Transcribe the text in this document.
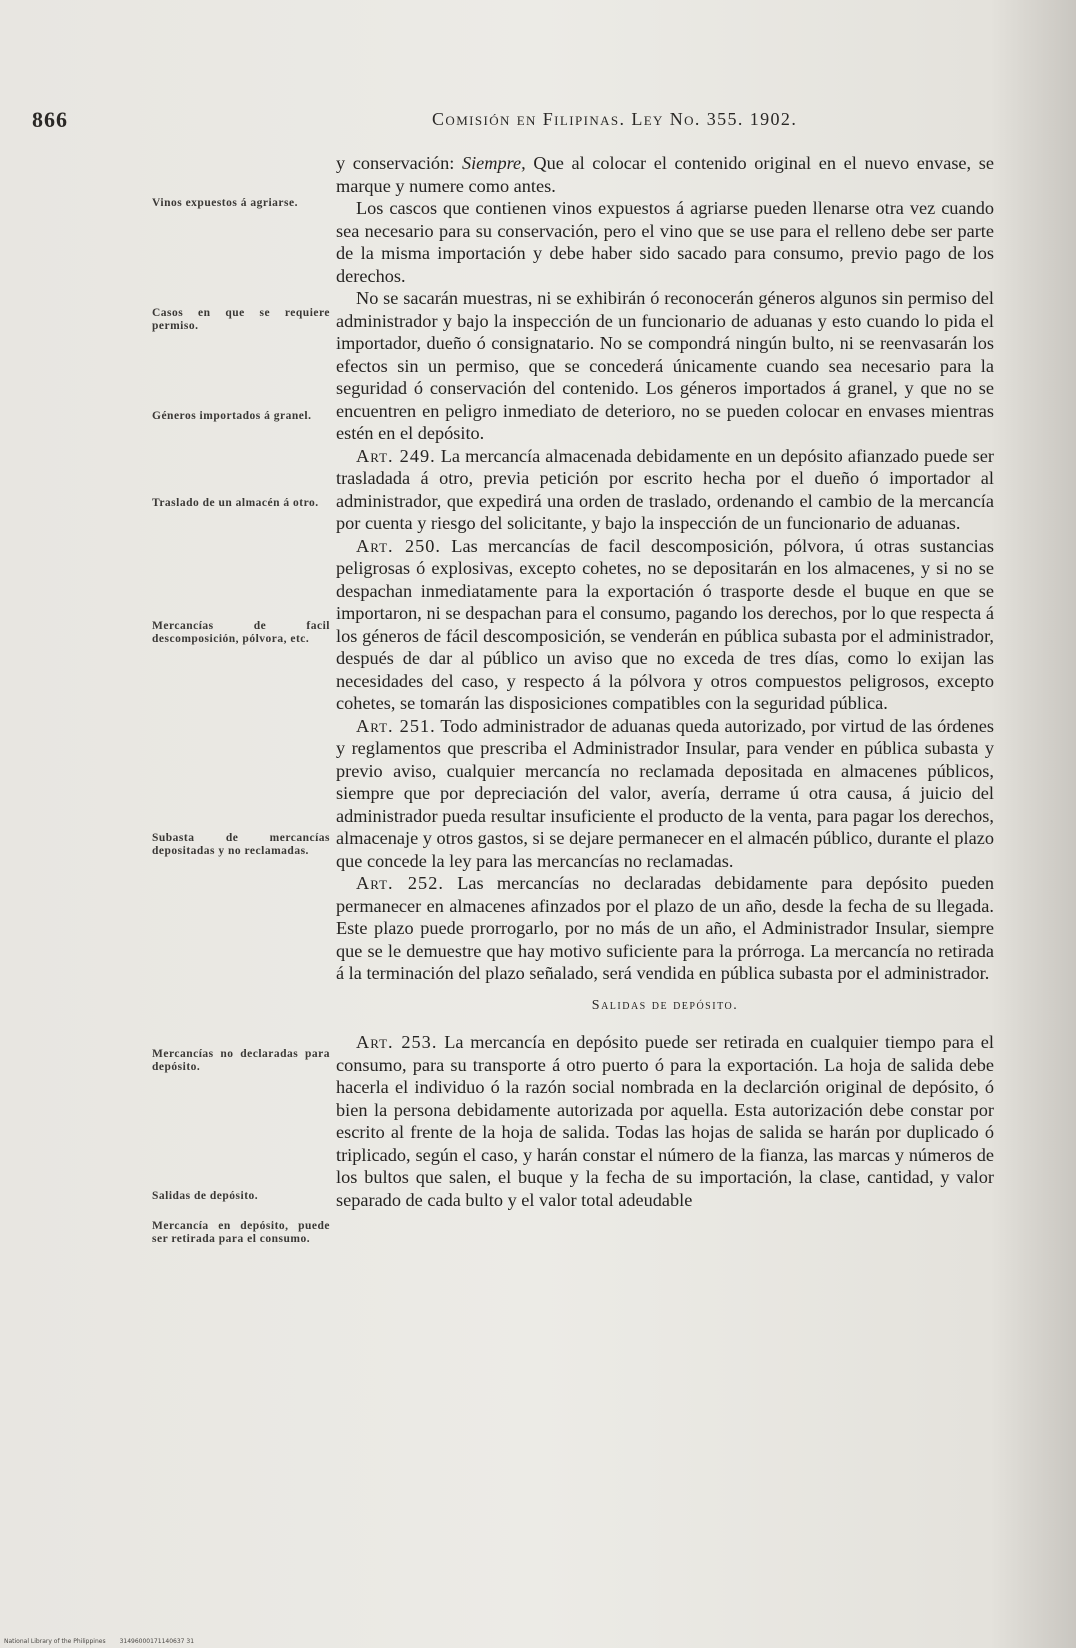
866	Comisión en Filipinas. Ley No. 355. 1902.
Vinos expuestos á agriarse.
Casos en que se requiere permiso.
Géneros importados á granel.
Traslado de un almacén á otro.
Mercancías de facil descomposición, pólvora, etc.
Subasta de mercancías depositadas y no reclamadas.
Mercancías no declaradas para depósito.
Salidas de depósito.
Mercancía en depósito, puede ser retirada para el consumo.

y conservación: Siempre, Que al colocar el contenido original en el nuevo envase, se marque y numere como antes.

Los cascos que contienen vinos expuestos á agriarse pueden llenarse otra vez cuando sea necesario para su conservación, pero el vino que se use para el relleno debe ser parte de la misma importación y debe haber sido sacado para consumo, previo pago de los derechos.

No se sacarán muestras, ni se exhibirán ó reconocerán géneros algunos sin permiso del administrador y bajo la inspección de un funcionario de aduanas y esto cuando lo pida el importador, dueño ó consignatario. No se compondrá ningún bulto, ni se reenvasarán los efectos sin un permiso, que se concederá únicamente cuando sea necesario para la seguridad ó conservación del contenido. Los géneros importados á granel, y que no se encuentren en peligro inmediato de deterioro, no se pueden colocar en envases mientras estén en el depósito.

Art. 249. La mercancía almacenada debidamente en un depósito afianzado puede ser trasladada á otro, previa petición por escrito hecha por el dueño ó importador al administrador, que expedirá una orden de traslado, ordenando el cambio de la mercancía por cuenta y riesgo del solicitante, y bajo la inspección de un funcionario de aduanas.

Art. 250. Las mercancías de facil descomposición, pólvora, ú otras sustancias peligrosas ó explosivas, excepto cohetes, no se depositarán en los almacenes, y si no se despachan inmediatamente para la exportación ó trasporte desde el buque en que se importaron, ni se despachan para el consumo, pagando los derechos, por lo que respecta á los géneros de fácil descomposición, se venderán en pública subasta por el administrador, después de dar al público un aviso que no exceda de tres días, como lo exijan las necesidades del caso, y respecto á la pólvora y otros compuestos peligrosos, excepto cohetes, se tomarán las disposiciones compatibles con la seguridad pública.

Art. 251. Todo administrador de aduanas queda autorizado, por virtud de las órdenes y reglamentos que prescriba el Administrador Insular, para vender en pública subasta y previo aviso, cualquier mercancía no reclamada depositada en almacenes públicos, siempre que por depreciación del valor, avería, derrame ú otra causa, á juicio del administrador pueda resultar insuficiente el producto de la venta, para pagar los derechos, almacenaje y otros gastos, si se dejare permanecer en el almacén público, durante el plazo que concede la ley para las mercancías no reclamadas.

Art. 252. Las mercancías no declaradas debidamente para depósito pueden permanecer en almacenes afinzados por el plazo de un año, desde la fecha de su llegada. Este plazo puede prorrogarlo, por no más de un año, el Administrador Insular, siempre que se le demuestre que hay motivo suficiente para la prórroga. La mercancía no retirada á la terminación del plazo señalado, será vendida en pública subasta por el administrador.

Salidas de depósito.

Art. 253. La mercancía en depósito puede ser retirada en cualquier tiempo para el consumo, para su transporte á otro puerto ó para la exportación. La hoja de salida debe hacerla el individuo ó la razón social nombrada en la declarción original de depósito, ó bien la persona debidamente autorizada por aquella. Esta autorización debe constar por escrito al frente de la hoja de salida. Todas las hojas de salida se harán por duplicado ó triplicado, según el caso, y harán constar el número de la fianza, las marcas y números de los bultos que salen, el buque y la fecha de su importación, la clase, cantidad, y valor separado de cada bulto y el valor total adeudable

National Library of the Philippines 31496000171140637 31
